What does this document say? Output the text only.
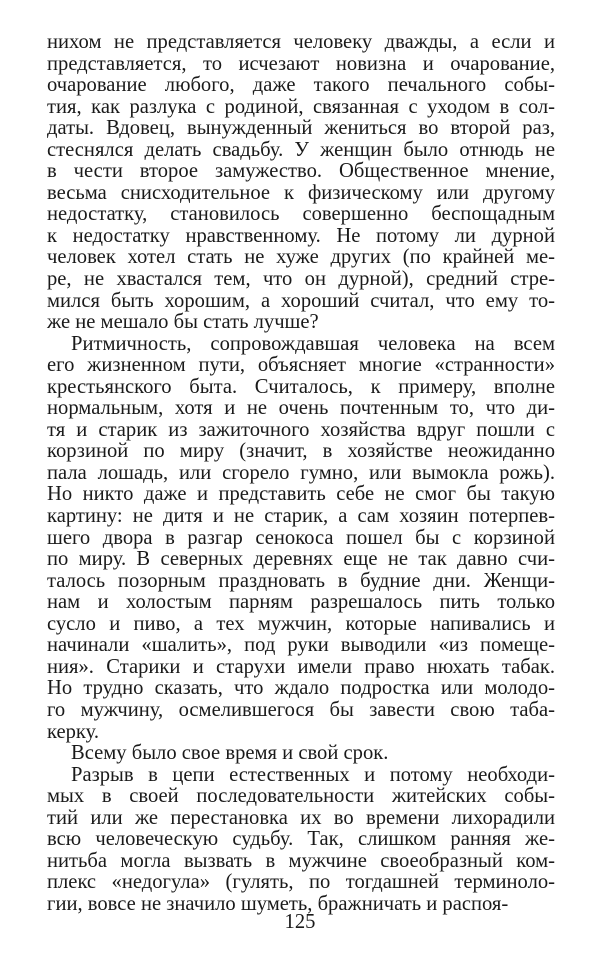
нихом не представляется человеку дважды, а если и
представляется, то исчезают новизна и очарование,
очарование любого, даже такого печального собы-
тия, как разлука с родиной, связанная с уходом в сол-
даты. Вдовец, вынужденный жениться во второй раз,
стеснялся делать свадьбу. У женщин было отнюдь не
в чести второе замужество. Общественное мнение,
весьма снисходительное к физическому или другому
недостатку, становилось совершенно беспощадным
к недостатку нравственному. Не потому ли дурной
человек хотел стать не хуже других (по крайней ме-
ре, не хвастался тем, что он дурной), средний стре-
мился быть хорошим, а хороший считал, что ему то-
же не мешало бы стать лучше?
Ритмичность, сопровождавшая человека на всем
его жизненном пути, объясняет многие «странности»
крестьянского быта. Считалось, к примеру, вполне
нормальным, хотя и не очень почтенным то, что ди-
тя и старик из зажиточного хозяйства вдруг пошли с
корзиной по миру (значит, в хозяйстве неожиданно
пала лошадь, или сгорело гумно, или вымокла рожь).
Но никто даже и представить себе не смог бы такую
картину: не дитя и не старик, а сам хозяин потерпев-
шего двора в разгар сенокоса пошел бы с корзиной
по миру. В северных деревнях еще не так давно счи-
талось позорным праздновать в будние дни. Женщи-
нам и холостым парням разрешалось пить только
сусло и пиво, а тех мужчин, которые напивались и
начинали «шалить», под руки выводили «из помеще-
ния». Старики и старухи имели право нюхать табак.
Но трудно сказать, что ждало подростка или молодо-
го мужчину, осмелившегося бы завести свою таба-
керку.
Всему было свое время и свой срок.
Разрыв в цепи естественных и потому необходи-
мых в своей последовательности житейских собы-
тий или же перестановка их во времени лихорадили
всю человеческую судьбу. Так, слишком ранняя же-
нитьба могла вызвать в мужчине своеобразный ком-
плекс «недогула» (гулять, по тогдашней терминоло-
гии, вовсе не значило шуметь, бражничать и распоя-
125
